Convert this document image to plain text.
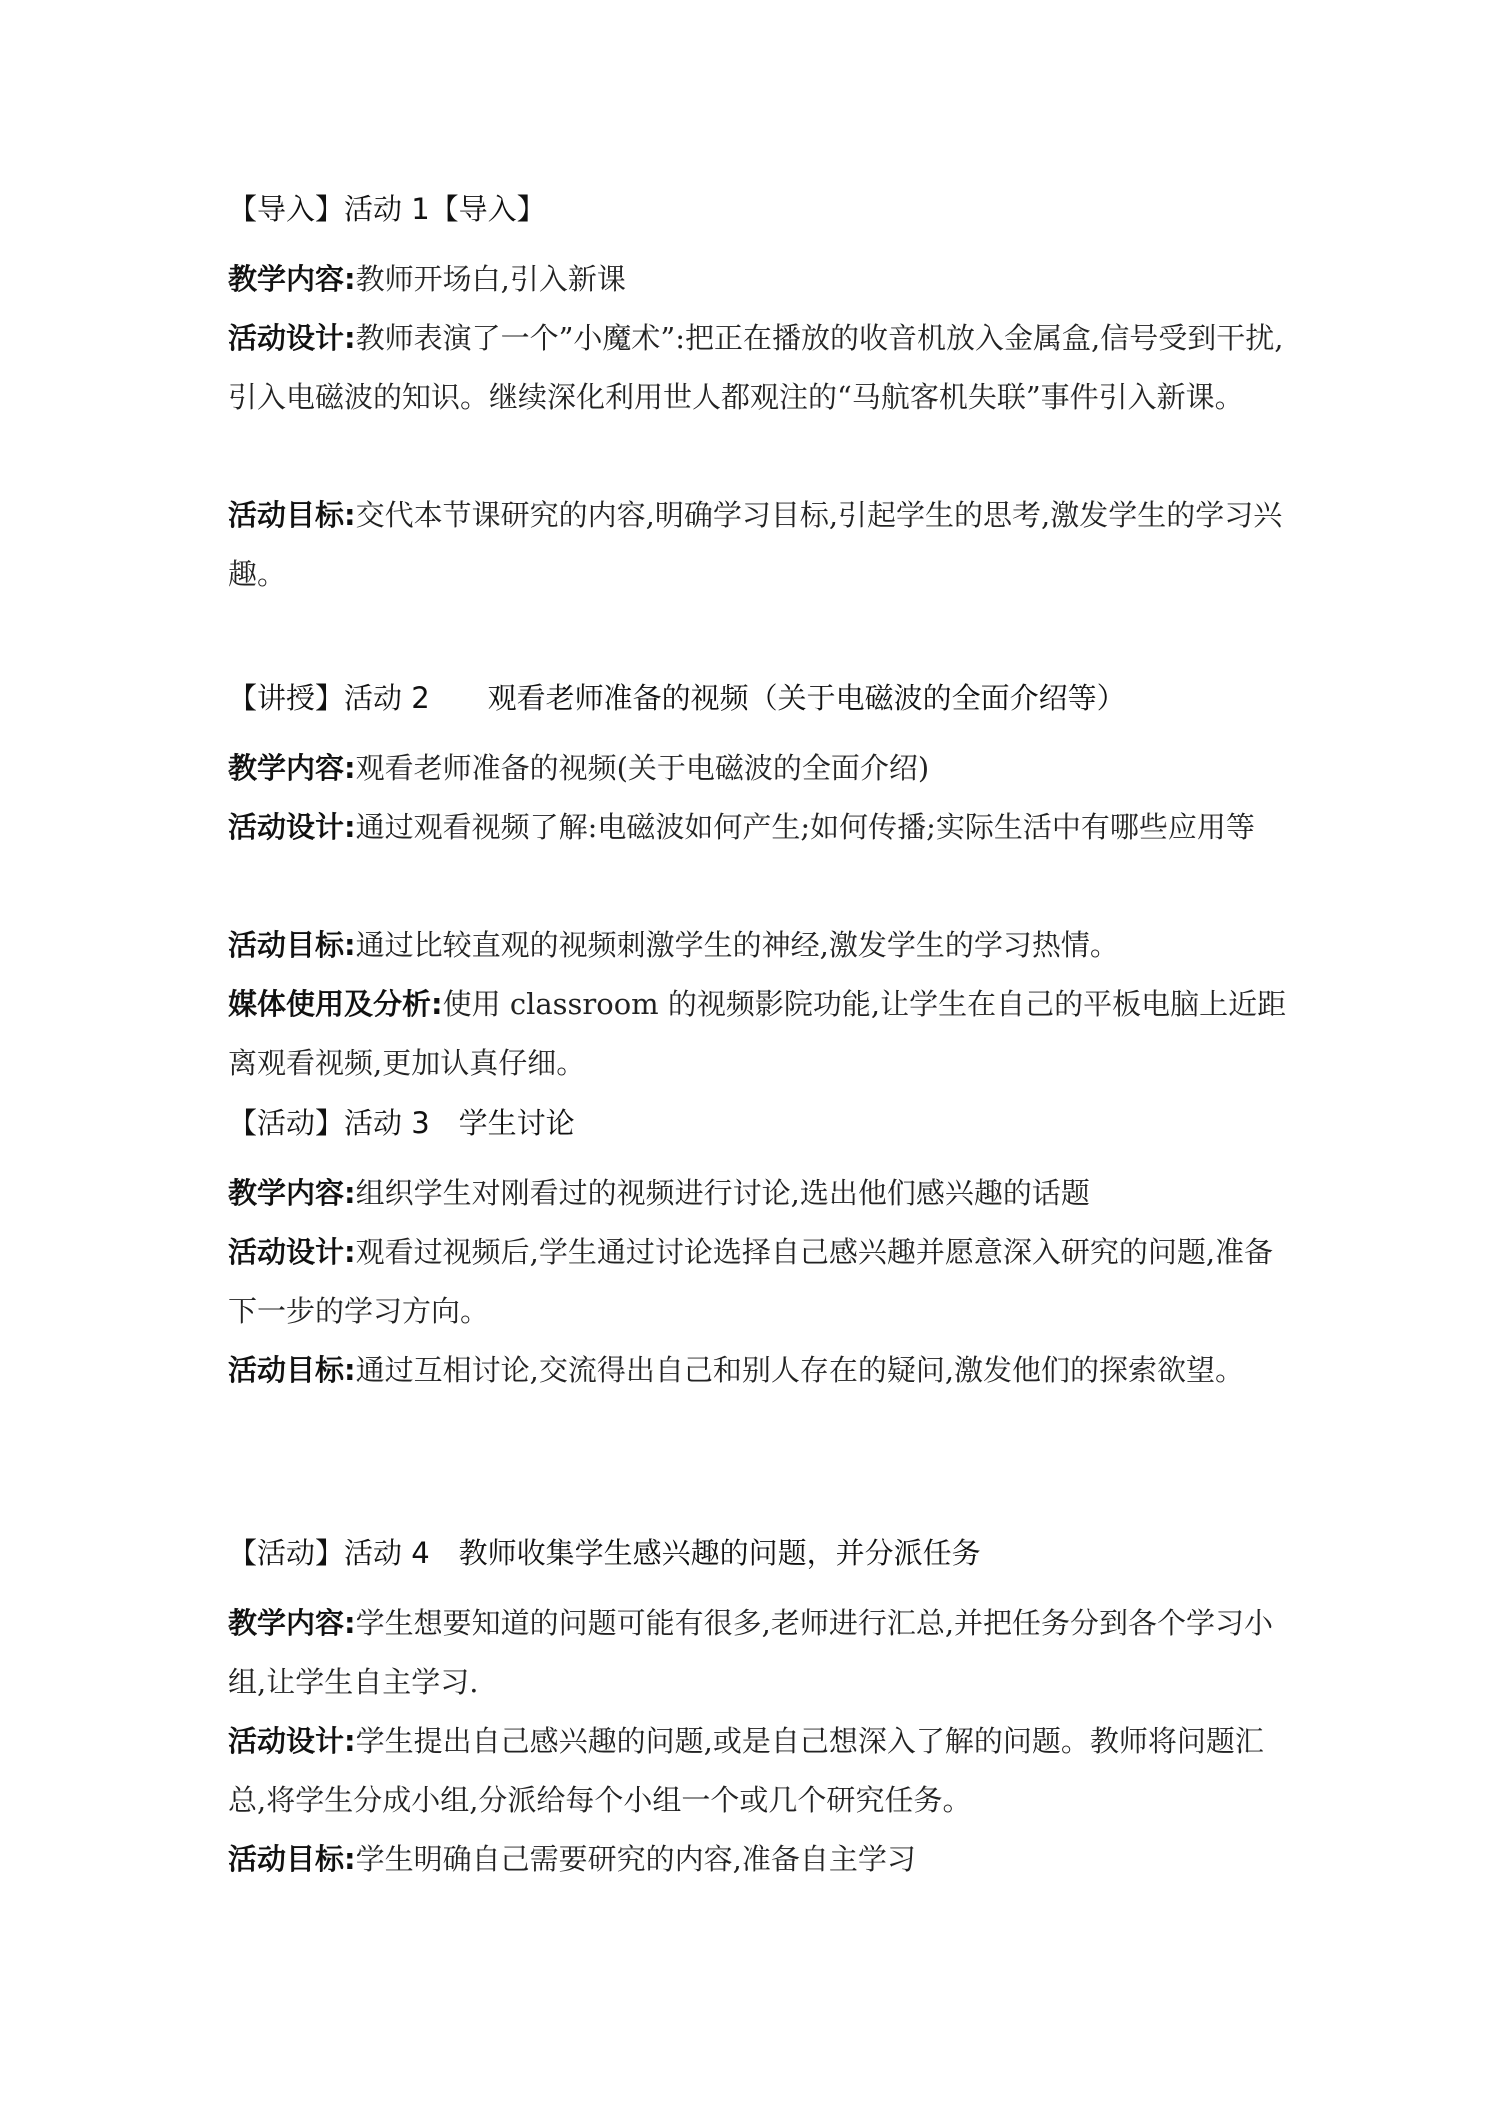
【导入】活动 1【导入】
教学内容:教师开场白,引入新课
活动设计:教师表演了一个”小魔术”:把正在播放的收音机放入金属盒,信号受到干扰,引入电磁波的知识。继续深化利用世人都观注的“马航客机失联”事件引入新课。
活动目标:交代本节课研究的内容,明确学习目标,引起学生的思考,激发学生的学习兴趣。
【讲授】活动 2　　观看老师准备的视频（关于电磁波的全面介绍等）
教学内容:观看老师准备的视频(关于电磁波的全面介绍)
活动设计:通过观看视频了解:电磁波如何产生;如何传播;实际生活中有哪些应用等
活动目标:通过比较直观的视频刺激学生的神经,激发学生的学习热情。
媒体使用及分析:使用 classroom 的视频影院功能,让学生在自己的平板电脑上近距离观看视频,更加认真仔细。
【活动】活动 3　学生讨论
教学内容:组织学生对刚看过的视频进行讨论,选出他们感兴趣的话题
活动设计:观看过视频后,学生通过讨论选择自己感兴趣并愿意深入研究的问题,准备下一步的学习方向。
活动目标:通过互相讨论,交流得出自己和别人存在的疑问,激发他们的探索欲望。
【活动】活动 4　教师收集学生感兴趣的问题，并分派任务
教学内容:学生想要知道的问题可能有很多,老师进行汇总,并把任务分到各个学习小组,让学生自主学习.
活动设计:学生提出自己感兴趣的问题,或是自己想深入了解的问题。教师将问题汇总,将学生分成小组,分派给每个小组一个或几个研究任务。
活动目标:学生明确自己需要研究的内容,准备自主学习
